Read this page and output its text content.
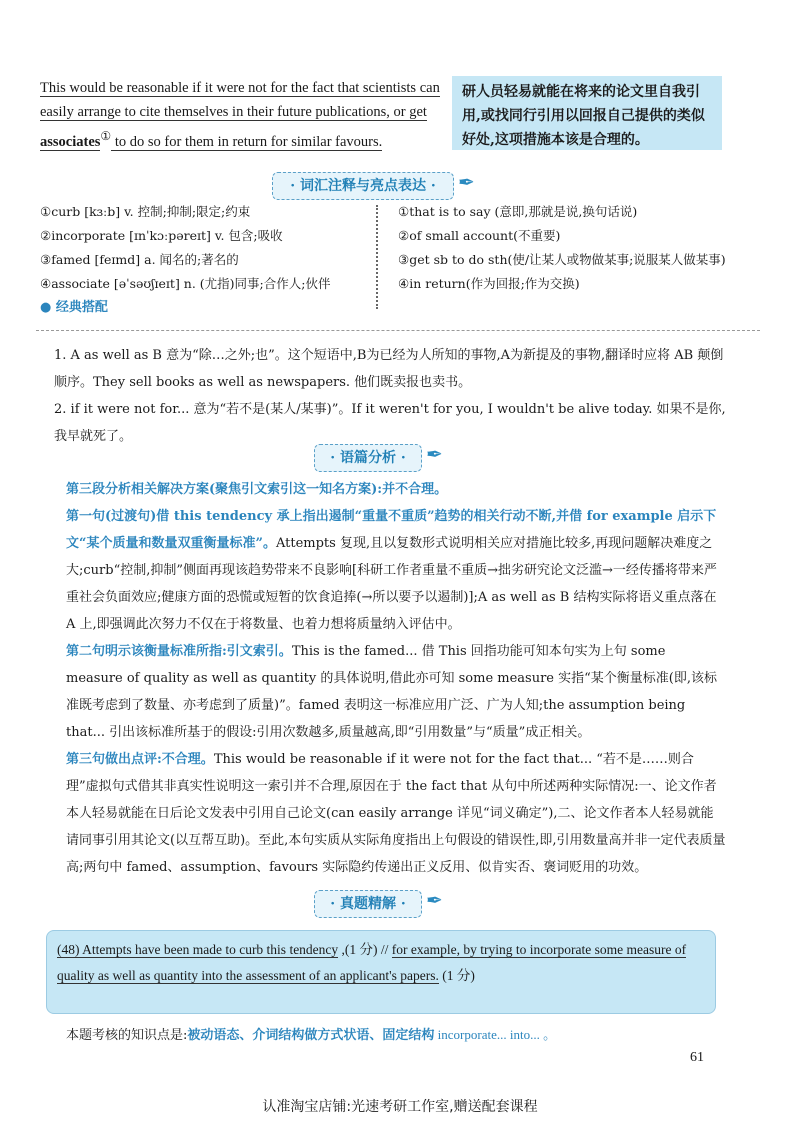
This would be reasonable if it were not for the fact that scientists can easily arrange to cite themselves in their future publications, or get associates① to do so for them in return for similar favours.
研人员轻易就能在将来的论文里自我引用,或找同行引用以回报自己提供的类似好处,这项措施本该是合理的。
· 词汇注释与亮点表达 ·	✒
①curb [kɜːb] v. 控制;抑制;限定;约束
②incorporate [ɪnˈkɔːpəreɪt] v. 包含;吸收
③famed [feɪmd] a. 闻名的;著名的
④associate [əˈsəʊʃɪeɪt] n. (尤指)同事;合作人;伙伴
● 经典搭配
①that is to say (意即,那就是说,换句话说)
②of small account(不重要)
③get sb to do sth(使/让某人或物做某事;说服某人做某事)
④in return(作为回报;作为交换)
1. A as well as B 意为“除…之外;也”。这个短语中,B为已经为人所知的事物,A为新提及的事物,翻译时应将 AB 颠倒顺序。They sell books as well as newspapers. 他们既卖报也卖书。
2. if it were not for... 意为“若不是(某人/某事)”。If it weren't for you, I wouldn't be alive today. 如果不是你,我早就死了。
· 语篇分析 ·	✒
第三段分析相关解决方案(聚焦引文索引这一知名方案):并不合理。
第一句(过渡句)借 this tendency 承上指出遏制“重量不重质”趋势的相关行动不断,并借 for example 启示下文“某个质量和数量双重衡量标准”。Attempts 复现,且以复数形式说明相关应对措施比较多,再现问题解决难度之大;curb“控制,抑制”侧面再现该趋势带来不良影响[科研工作者重量不重质→拙劣研究论文泛滥→一经传播将带来严重社会负面效应;健康方面的恐慌或短暂的饮食追捧(→所以要予以遏制)];A as well as B 结构实际将语义重点落在 A 上,即强调此次努力不仅在于将数量、也着力想将质量纳入评估中。
第二句明示该衡量标准所指:引文索引。This is the famed... 借 This 回指功能可知本句实为上句 some measure of quality as well as quantity 的具体说明,借此亦可知 some measure 实指“某个衡量标准(即,该标准既考虑到了数量、亦考虑到了质量)”。famed 表明这一标准应用广泛、广为人知;the assumption being that... 引出该标准所基于的假设:引用次数越多,质量越高,即“引用数量”与“质量”成正相关。
第三句做出点评:不合理。This would be reasonable if it were not for the fact that... “若不是……则合理”虚拟句式借其非真实性说明这一索引并不合理,原因在于 the fact that 从句中所述两种实际情况:一、论文作者本人轻易就能在日后论文发表中引用自己论文(can easily arrange 详见“词义确定”),二、论文作者本人轻易就能请同事引用其论文(以互帮互助)。至此,本句实质从实际角度指出上句假设的错误性,即,引用数量高并非一定代表质量高;两句中 famed、assumption、favours 实际隐约传递出正义反用、似肯实否、褒词贬用的功效。
· 真题精解 ·	✒
(48) Attempts have been made to curb this tendency ,(1 分) // for example, by trying to incorporate some measure of quality as well as quantity into the assessment of an applicant's papers. (1 分)
本题考核的知识点是:被动语态、介词结构做方式状语、固定结构 incorporate... into... 。
61
认准淘宝店铺:光速考研工作室,赠送配套课程
